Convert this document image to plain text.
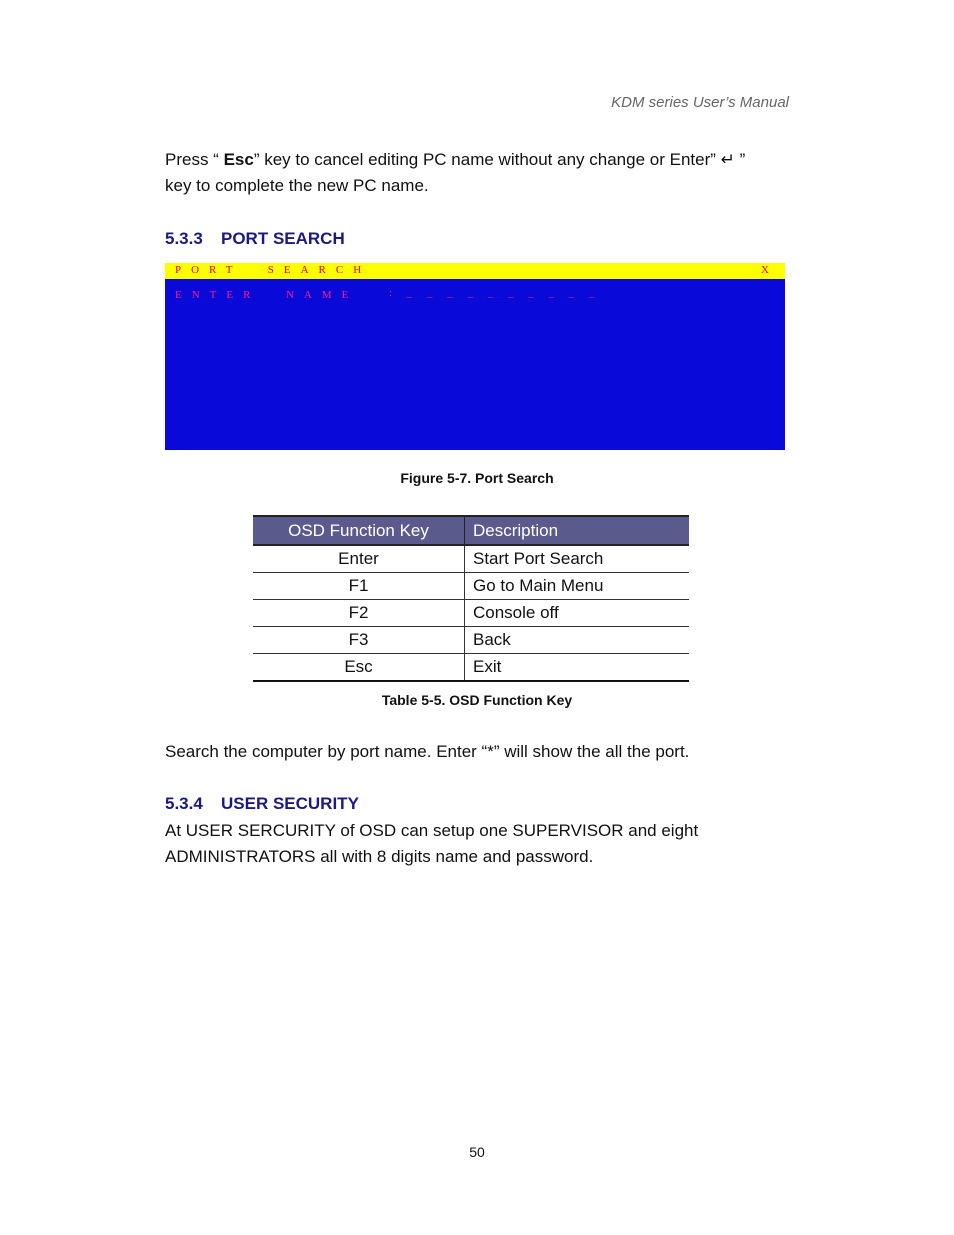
KDM series User’s Manual
Press “ Esc” key to cancel editing PC name without any change or Enter” ↵ ”
key to complete the new PC name.
5.3.3 PORT SEARCH
PORT  SEARCH	X
ENTER  NAME	: _ _ _ _ _ _ _ _ _ _
Figure 5-7. Port Search
OSD Function Key	Description
Enter	Start Port Search
F1	Go to Main Menu
F2	Console off
F3	Back
Esc	Exit
Table 5-5. OSD Function Key
Search the computer by port name. Enter “*” will show the all the port.
5.3.4 USER SECURITY
At USER SERCURITY of OSD can setup one SUPERVISOR and eight
ADMINISTRATORS all with 8 digits name and password.
50
